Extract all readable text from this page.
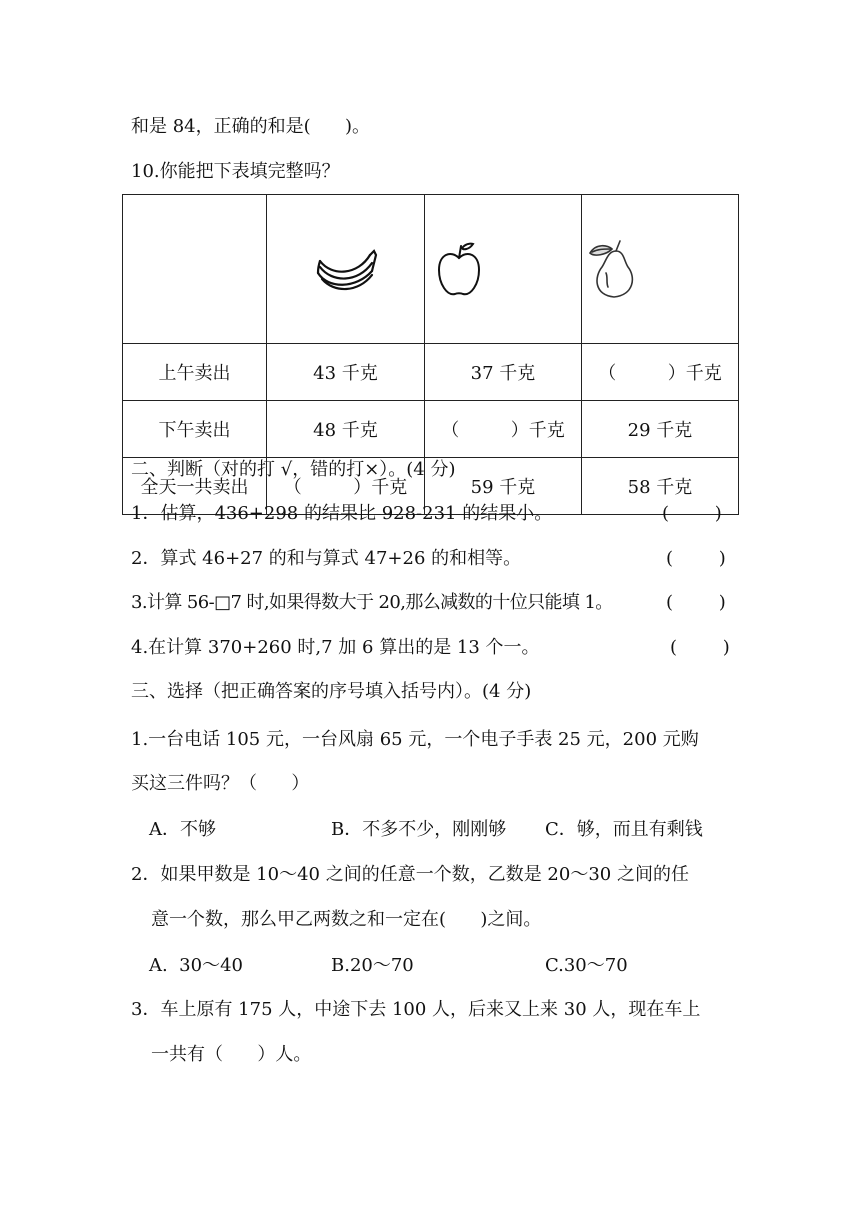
和是 84，正确的和是(      )。
10.你能把下表填完整吗？

上午卖出	43 千克	37 千克	（         ）千克
下午卖出	48 千克	（         ）千克	29 千克
全天一共卖出	（         ）千克	59 千克	58 千克
二、判断（对的打 √，错的打×）。(4 分)
1．估算，436+298 的结果比 928-231 的结果小。	(        )
2．算式 46+27 的和与算式 47+26 的和相等。	(        )
3.计算 56-□7 时,如果得数大于 20,那么减数的十位只能填 1。	(        )
4.在计算 370+260 时,7 加 6 算出的是 13 个一。	(        )
三、选择（把正确答案的序号填入括号内）。(4 分)
1.一台电话 105 元，一台风扇 65 元，一个电子手表 25 元，200 元购
买这三件吗？（      ）
A．不够	B．不多不少，刚刚够 C．够，而且有剩钱
2．如果甲数是 10～40 之间的任意一个数，乙数是 20～30 之间的任
意一个数，那么甲乙两数之和一定在(      )之间。
A.  30～40	B.20～70	C.30～70
3．车上原有 175 人，中途下去 100 人，后来又上来 30 人，现在车上
一共有（      ）人。
